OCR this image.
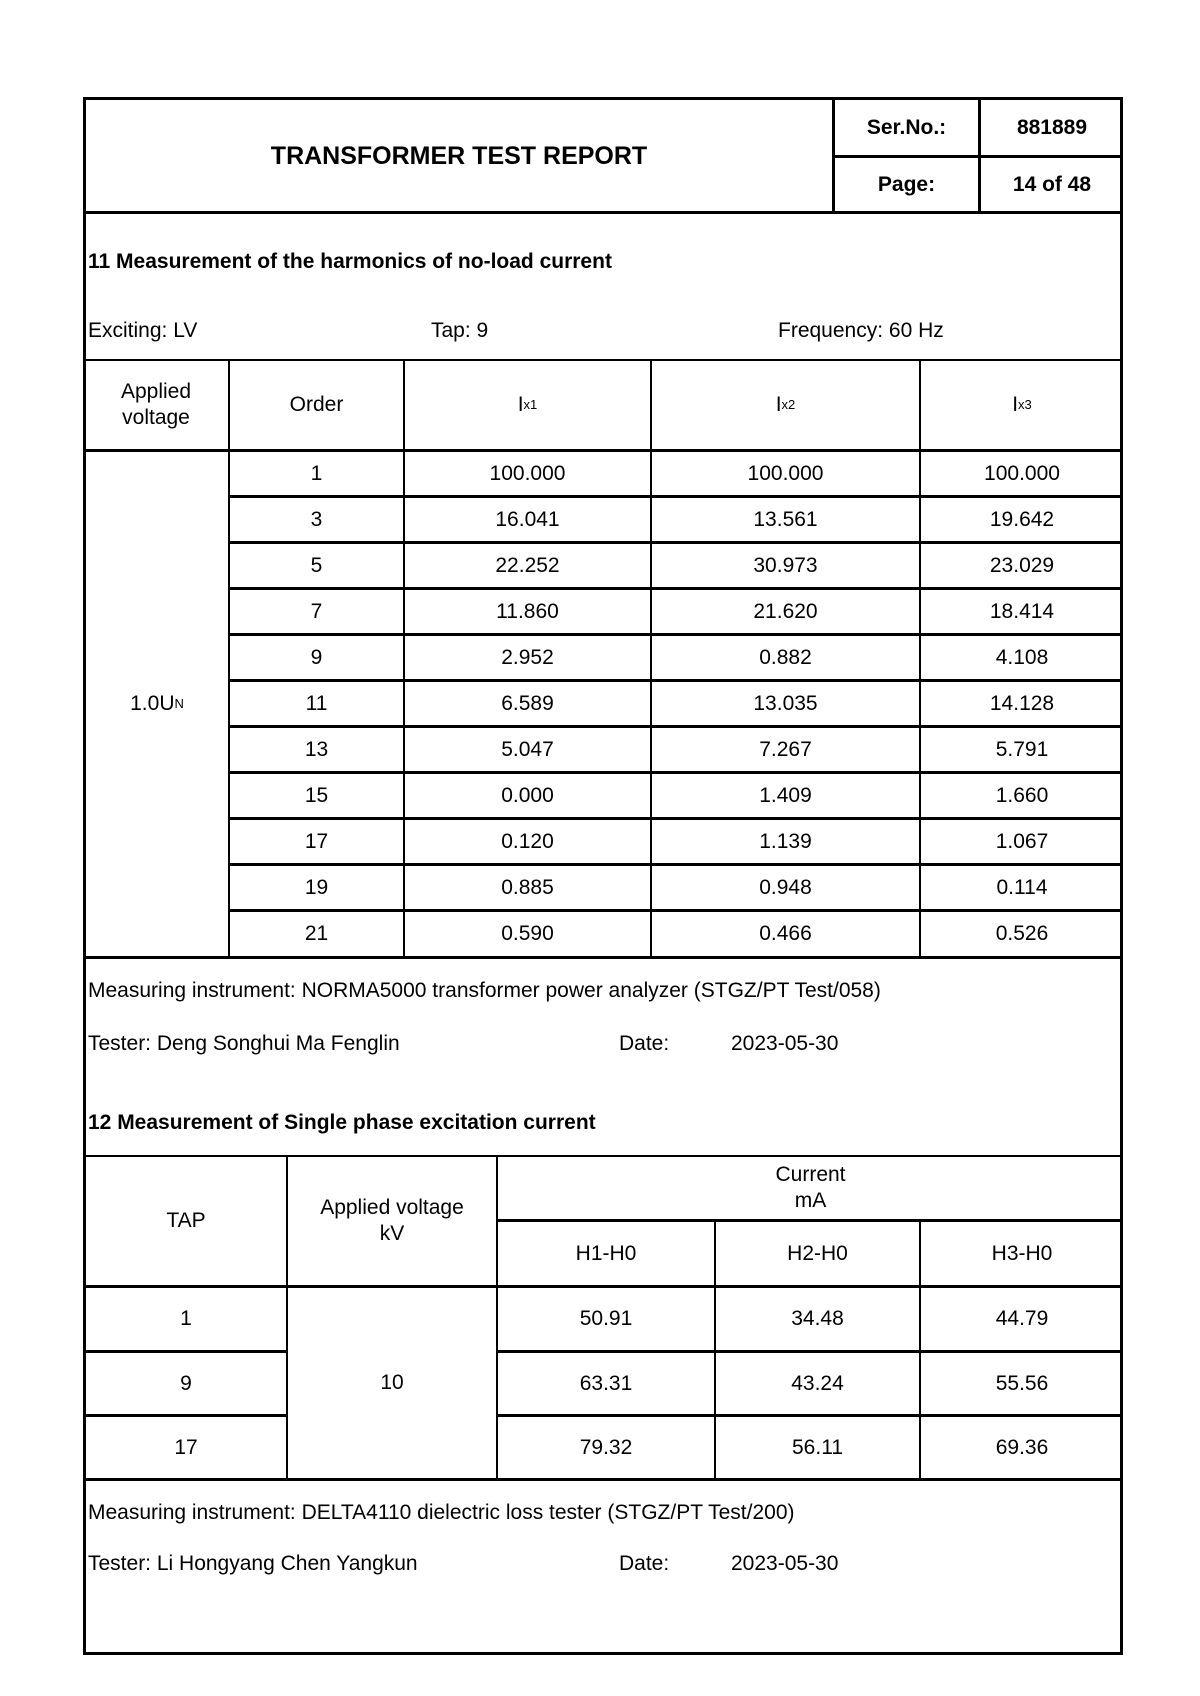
TRANSFORMER TEST REPORT
Ser.No.:	881889
Page:	14 of 48
11 Measurement of the harmonics of no-load current
Exciting: LV	Tap: 9	Frequency: 60 Hz
Applied voltage
Order	I x1	I x2	I x3
1.0U N
1	100.000	100.000	100.000
3	16.041	13.561	19.642
5	22.252	30.973	23.029
7	11.860	21.620	18.414
9	2.952	0.882	4.108
11	6.589	13.035	14.128
13	5.047	7.267	5.791
15	0.000	1.409	1.660
17	0.120	1.139	1.067
19	0.885	0.948	0.114
21	0.590	0.466	0.526
Measuring instrument: NORMA5000 transformer power analyzer (STGZ/PT Test/058)
Tester: Deng Songhui Ma Fenglin	Date:	2023-05-30
12 Measurement of Single phase excitation current
TAP
Applied voltage
kV
Current
mA
H1-H0	H2-H0	H3-H0
10
1	50.91	34.48	44.79
9	63.31	43.24	55.56
17	79.32	56.11	69.36
Measuring instrument: DELTA4110 dielectric loss tester (STGZ/PT Test/200)
Tester: Li Hongyang Chen Yangkun	Date:	2023-05-30
